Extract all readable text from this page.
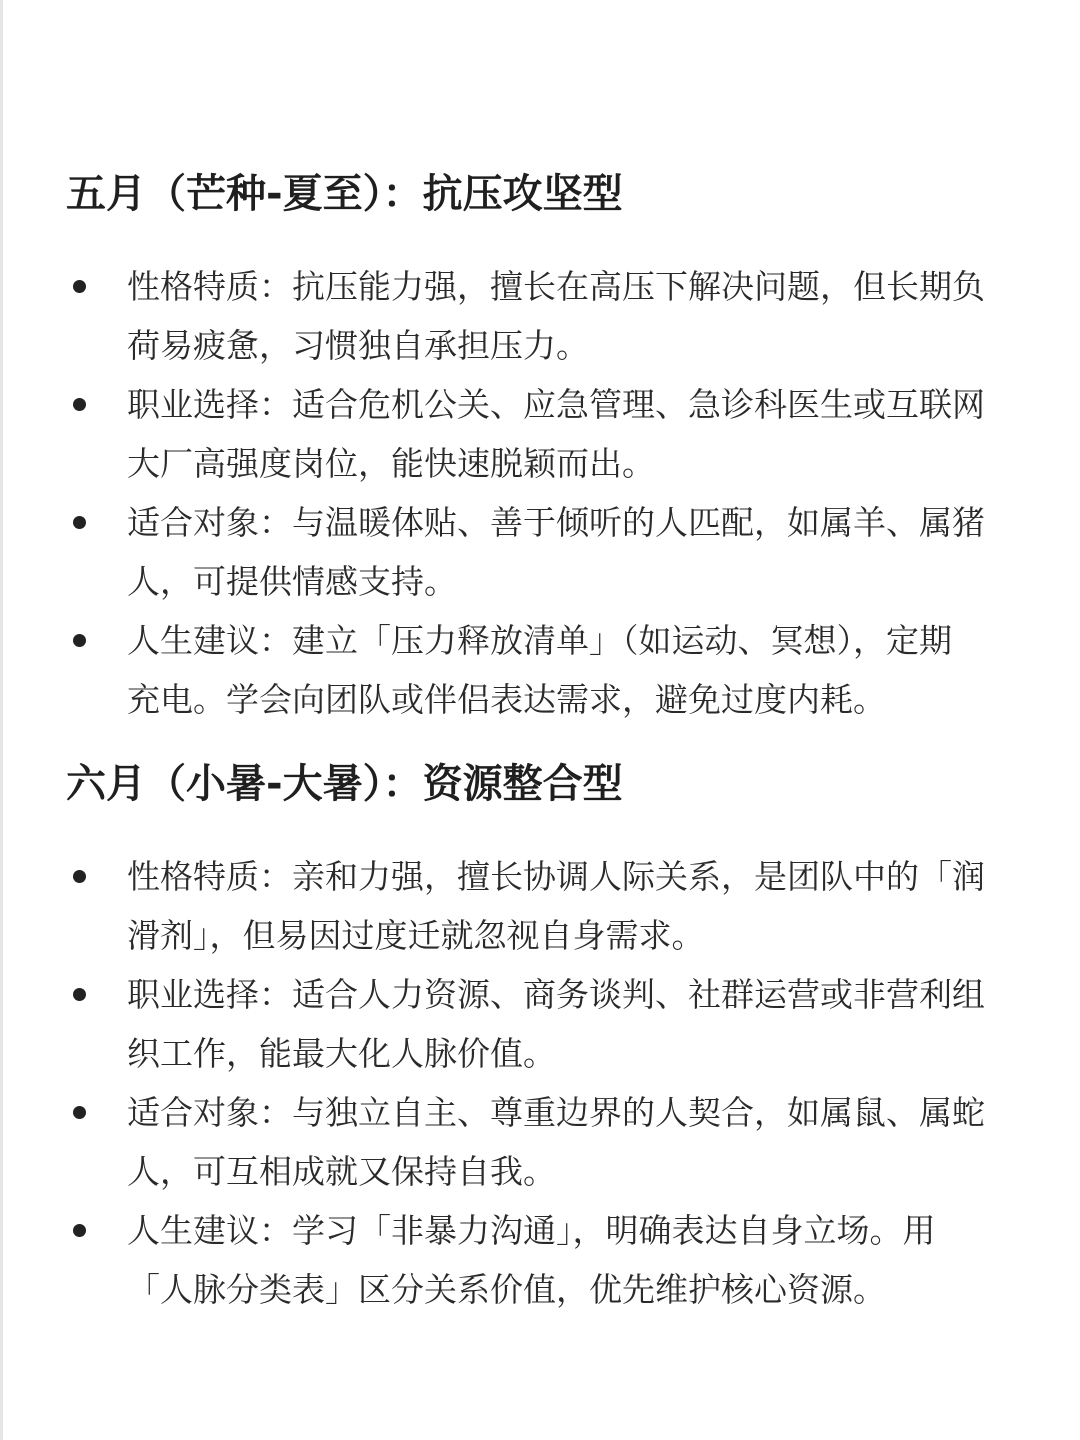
五月（芒种-夏至）：抗压攻坚型
性格特质：抗压能力强，擅长在高压下解决问题，但长期负
荷易疲惫，习惯独自承担压力。
职业选择：适合危机公关、应急管理、急诊科医生或互联网
大厂高强度岗位，能快速脱颖而出。
适合对象：与温暖体贴、善于倾听的人匹配，如属羊、属猪
人，可提供情感支持。
人生建议：建立「压力释放清单」（如运动、冥想），定期
充电。学会向团队或伴侣表达需求，避免过度内耗。
六月（小暑-大暑）：资源整合型
性格特质：亲和力强，擅长协调人际关系，是团队中的「润
滑剂」，但易因过度迁就忽视自身需求。
职业选择：适合人力资源、商务谈判、社群运营或非营利组
织工作，能最大化人脉价值。
适合对象：与独立自主、尊重边界的人契合，如属鼠、属蛇
人，可互相成就又保持自我。
人生建议：学习「非暴力沟通」，明确表达自身立场。用
「人脉分类表」区分关系价值，优先维护核心资源。
